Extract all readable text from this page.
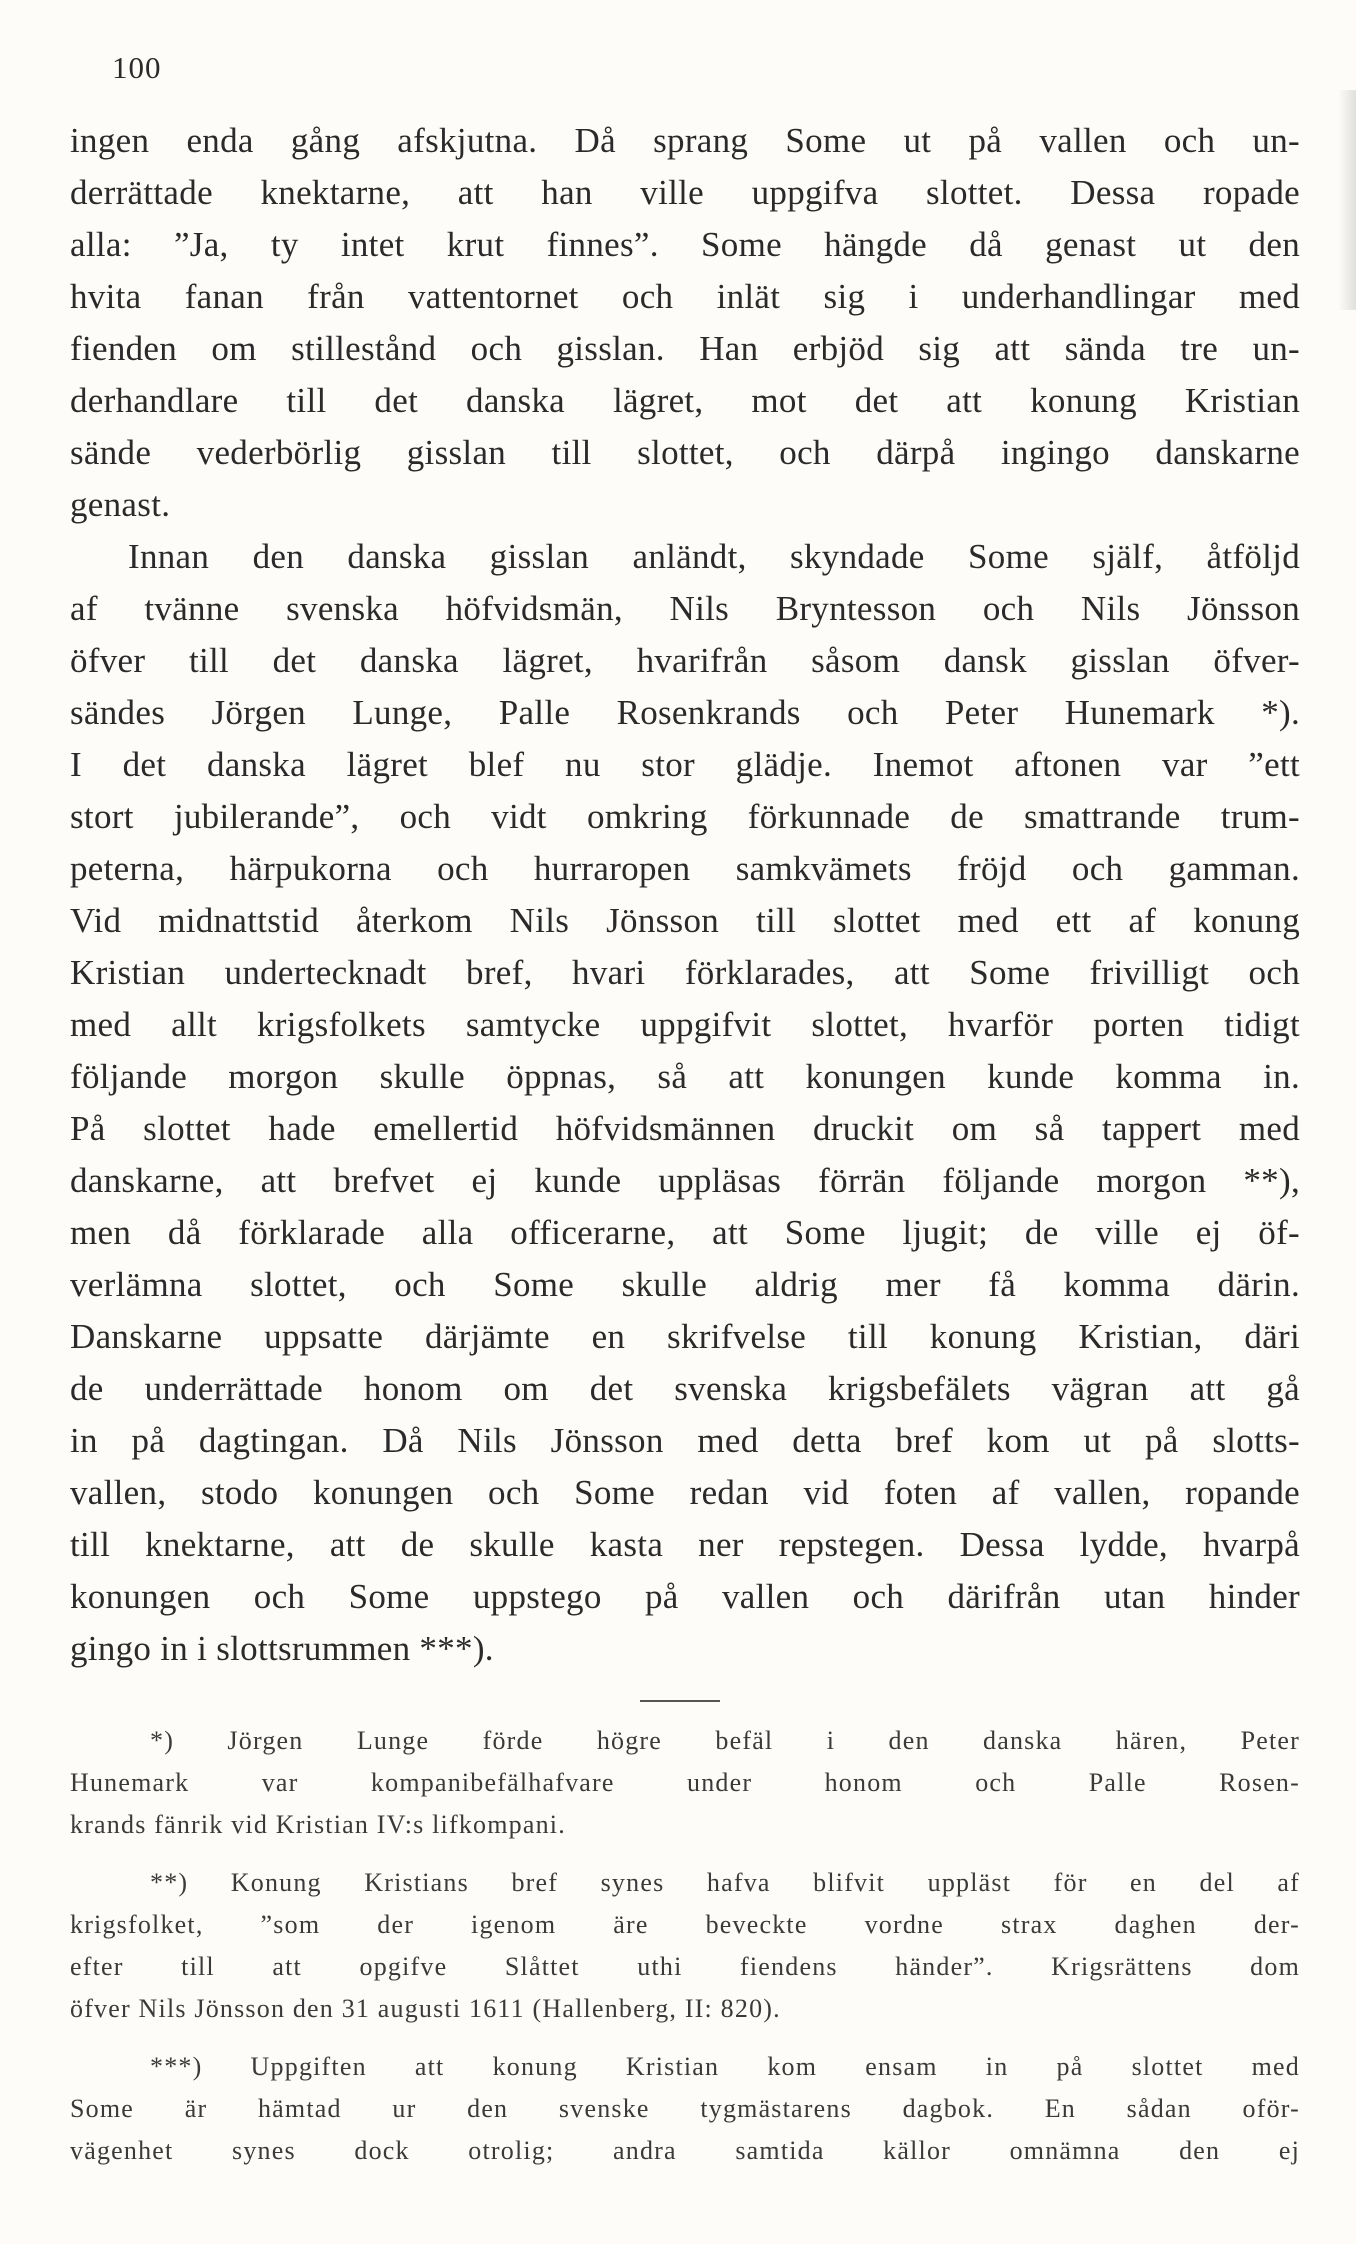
100
ingen enda gång afskjutna. Då sprang Some ut på vallen och un-
derrättade knektarne, att han ville uppgifva slottet. Dessa ropade
alla: ”Ja, ty intet krut finnes”. Some hängde då genast ut den
hvita fanan från vattentornet och inlät sig i underhandlingar med
fienden om stillestånd och gisslan. Han erbjöd sig att sända tre un-
derhandlare till det danska lägret, mot det att konung Kristian
sände vederbörlig gisslan till slottet, och därpå ingingo danskarne
genast.
Innan den danska gisslan anländt, skyndade Some själf, åtföljd
af tvänne svenska höfvidsmän, Nils Bryntesson och Nils Jönsson
öfver till det danska lägret, hvarifrån såsom dansk gisslan öfver-
sändes Jörgen Lunge, Palle Rosenkrands och Peter Hunemark *).
I det danska lägret blef nu stor glädje. Inemot aftonen var ”ett
stort jubilerande”, och vidt omkring förkunnade de smattrande trum-
peterna, härpukorna och hurraropen samkvämets fröjd och gamman.
Vid midnattstid återkom Nils Jönsson till slottet med ett af konung
Kristian undertecknadt bref, hvari förklarades, att Some frivilligt och
med allt krigsfolkets samtycke uppgifvit slottet, hvarför porten tidigt
följande morgon skulle öppnas, så att konungen kunde komma in.
På slottet hade emellertid höfvidsmännen druckit om så tappert med
danskarne, att brefvet ej kunde uppläsas förrän följande morgon **),
men då förklarade alla officerarne, att Some ljugit; de ville ej öf-
verlämna slottet, och Some skulle aldrig mer få komma därin.
Danskarne uppsatte därjämte en skrifvelse till konung Kristian, däri
de underrättade honom om det svenska krigsbefälets vägran att gå
in på dagtingan. Då Nils Jönsson med detta bref kom ut på slotts-
vallen, stodo konungen och Some redan vid foten af vallen, ropande
till knektarne, att de skulle kasta ner repstegen. Dessa lydde, hvarpå
konungen och Some uppstego på vallen och därifrån utan hinder
gingo in i slottsrummen ***).
*) Jörgen Lunge förde högre befäl i den danska hären, Peter
Hunemark var kompanibefälhafvare under honom och Palle Rosen-
krands fänrik vid Kristian IV:s lifkompani.
**) Konung Kristians bref synes hafva blifvit uppläst för en del af
krigsfolket, ”som der igenom äre beveckte vordne strax daghen der-
efter till att opgifve Slåttet uthi fiendens händer”. Krigsrättens dom
öfver Nils Jönsson den 31 augusti 1611 (Hallenberg, II: 820).
***) Uppgiften att konung Kristian kom ensam in på slottet med
Some är hämtad ur den svenske tygmästarens dagbok. En sådan oför-
vägenhet synes dock otrolig; andra samtida källor omnämna den ej
